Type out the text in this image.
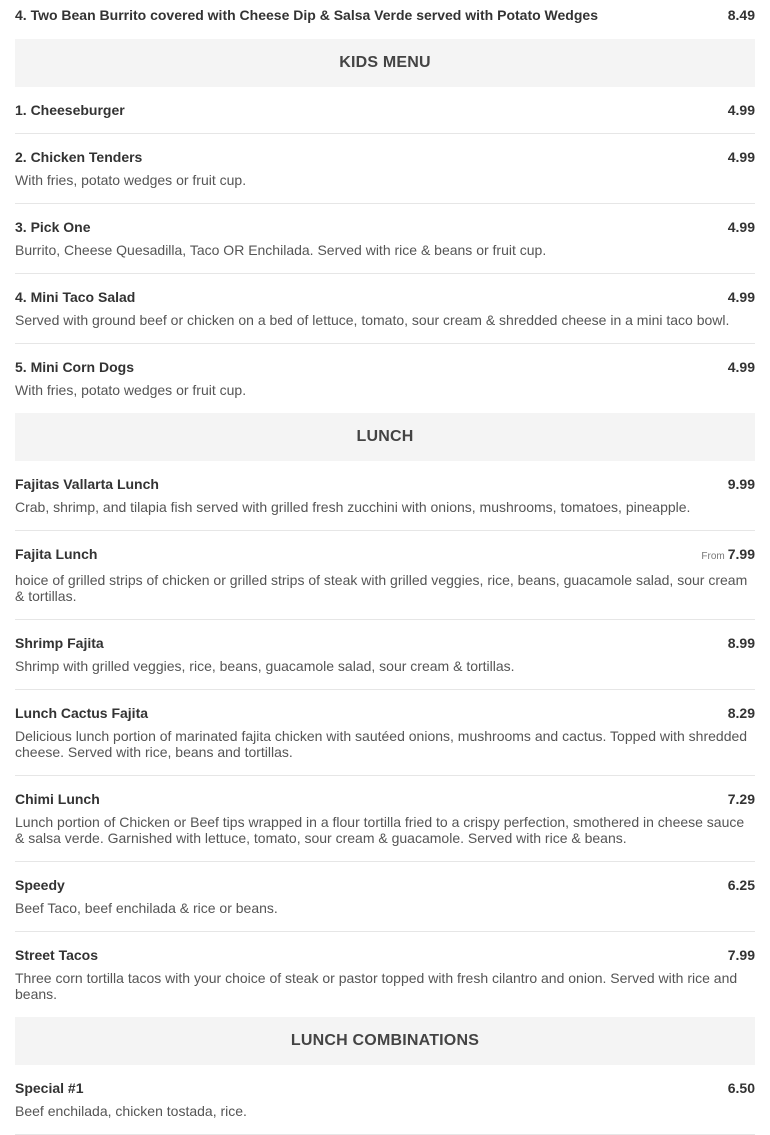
4. Two Bean Burrito covered with Cheese Dip & Salsa Verde served with Potato Wedges	8.49
KIDS MENU
1. Cheeseburger	4.99
2. Chicken Tenders	4.99
With fries, potato wedges or fruit cup.
3. Pick One	4.99
Burrito, Cheese Quesadilla, Taco OR Enchilada. Served with rice & beans or fruit cup.
4. Mini Taco Salad	4.99
Served with ground beef or chicken on a bed of lettuce, tomato, sour cream & shredded cheese in a mini taco bowl.
5. Mini Corn Dogs	4.99
With fries, potato wedges or fruit cup.
LUNCH
Fajitas Vallarta Lunch	9.99
Crab, shrimp, and tilapia fish served with grilled fresh zucchini with onions, mushrooms, tomatoes, pineapple.
Fajita Lunch	From 7.99
hoice of grilled strips of chicken or grilled strips of steak with grilled veggies, rice, beans, guacamole salad, sour cream & tortillas.
Shrimp Fajita	8.99
Shrimp with grilled veggies, rice, beans, guacamole salad, sour cream & tortillas.
Lunch Cactus Fajita	8.29
Delicious lunch portion of marinated fajita chicken with sautéed onions, mushrooms and cactus. Topped with shredded cheese. Served with rice, beans and tortillas.
Chimi Lunch	7.29
Lunch portion of Chicken or Beef tips wrapped in a flour tortilla fried to a crispy perfection, smothered in cheese sauce & salsa verde. Garnished with lettuce, tomato, sour cream & guacamole. Served with rice & beans.
Speedy	6.25
Beef Taco, beef enchilada & rice or beans.
Street Tacos	7.99
Three corn tortilla tacos with your choice of steak or pastor topped with fresh cilantro and onion. Served with rice and beans.
LUNCH COMBINATIONS
Special #1	6.50
Beef enchilada, chicken tostada, rice.
